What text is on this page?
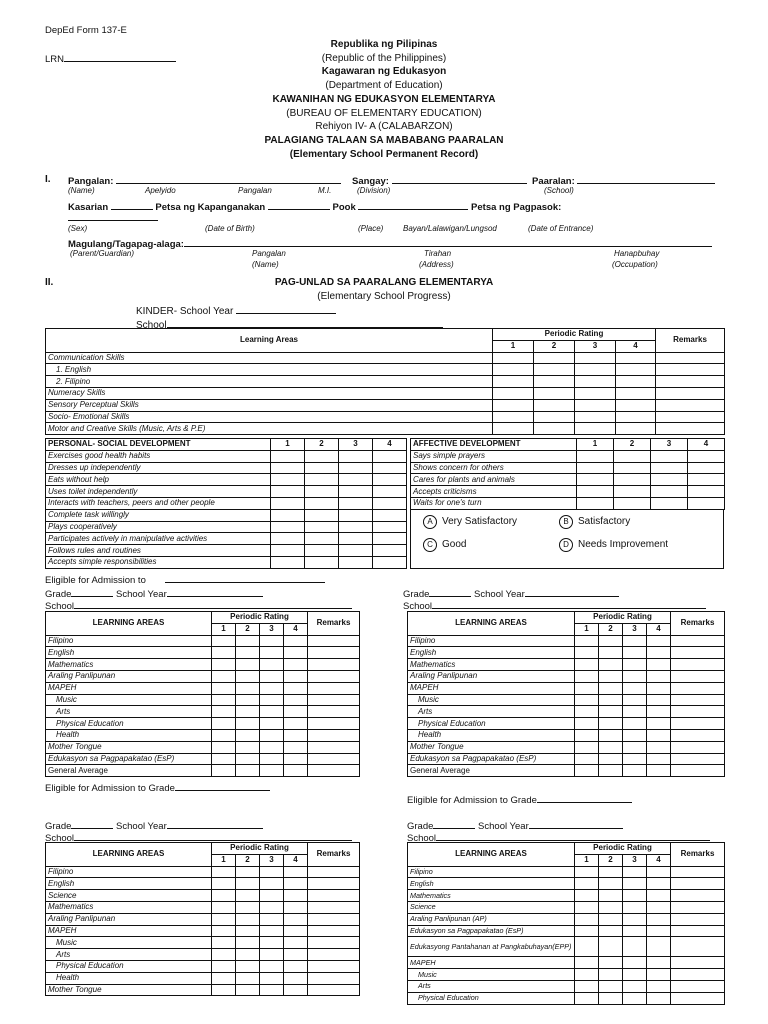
DepEd Form 137-E
LRN
Republika ng Pilipinas
(Republic of the Philippines)
Kagawaran ng Edukasyon
(Department of Education)
KAWANIHAN NG EDUKASYON ELEMENTARYA
(BUREAU OF ELEMENTARY EDUCATION)
Rehiyon IV- A (CALABARZON)
PALAGIANG TALAAN SA MABABANG PAARALAN
(Elementary School Permanent Record)
I. Pangalan:	Sangay:	Paaralan:
(Name)	Apelyido	Pangalan	M.I.	(Division)	(School)
Kasarian	Petsa ng Kapanganakan	Pook	Petsa ng Pagpasok:
(Sex)	(Date of Birth)	(Place) Bayan/Lalawigan/Lungsod	(Date of Entrance)
Magulang/Tagapag-alaga:
(Parent/Guardian)	Pangalan
(Name)
Tirahan
(Address)
Hanapbuhay
(Occupation)
II.	PAG-UNLAD SA PAARALANG ELEMENTARYA
(Elementary School Progress)
KINDER- School Year
School
Learning Areas	Periodic Rating				Remarks
	1	2	3	4	
Communication Skills					
1. English					
2. Filipino					
Numeracy Skills					
Sensory Perceptual Skills					
Socio- Emotional Skills					
Motor and Creative Skills (Music, Arts & P.E)					
PERSONAL- SOCIAL DEVELOPMENT	1	2	3	4
Exercises good health habits				
Dresses up independently				
Eats without help				
Uses toilet independently				
Interacts with teachers, peers and other people				
Complete task willingly				
Plays cooperatively				
Participates actively in manipulative activities				
Follows rules and routines				
Accepts simple responsibilities				
AFFECTIVE DEVELOPMENT	1	2	3	4
Says simple prayers				
Shows concern for others				
Cares for plants and animals				
Accepts criticisms				
Waits for one's turn				
A Very Satisfactory	B Satisfactory
C Good	D Needs Improvement
Eligible for Admission to
Grade	School Year
School
LEARNING AREAS	Periodic Rating				Remarks
	1	2	3	4	
Filipino					
English					
Mathematics					
Araling Panlipunan					
MAPEH					
Music					
Arts					
Physical Education					
Health					
Mother Tongue					
Edukasyon sa Pagpapakatao (EsP)					
General Average					
Grade	School Year
School
LEARNING AREAS	Periodic Rating				Remarks
	1	2	3	4	
Filipino					
English					
Mathematics					
Araling Panlipunan					
MAPEH					
Music					
Arts					
Physical Education					
Health					
Mother Tongue					
Edukasyon sa Pagpapakatao (EsP)					
General Average					
Eligible for Admission to Grade
Eligible for Admission to Grade
Grade	School Year
School
LEARNING AREAS	Periodic Rating				Remarks
	1	2	3	4	
Filipino					
English					
Science					
Mathematics					
Araling Panlipunan					
MAPEH					
Music					
Arts					
Physical Education					
Health					
Mother Tongue					
Grade	School Year
School
LEARNING AREAS	Periodic Rating				Remarks
	1	2	3	4	
Filipino					
English					
Mathematics					
Science					
Araling Panlipunan (AP)					
Edukasyon sa Pagpapakatao (EsP)					
Edukasyong Pantahanan at Pangkabuhayan(EPP)					
MAPEH					
Music					
Arts					
Physical Education					
